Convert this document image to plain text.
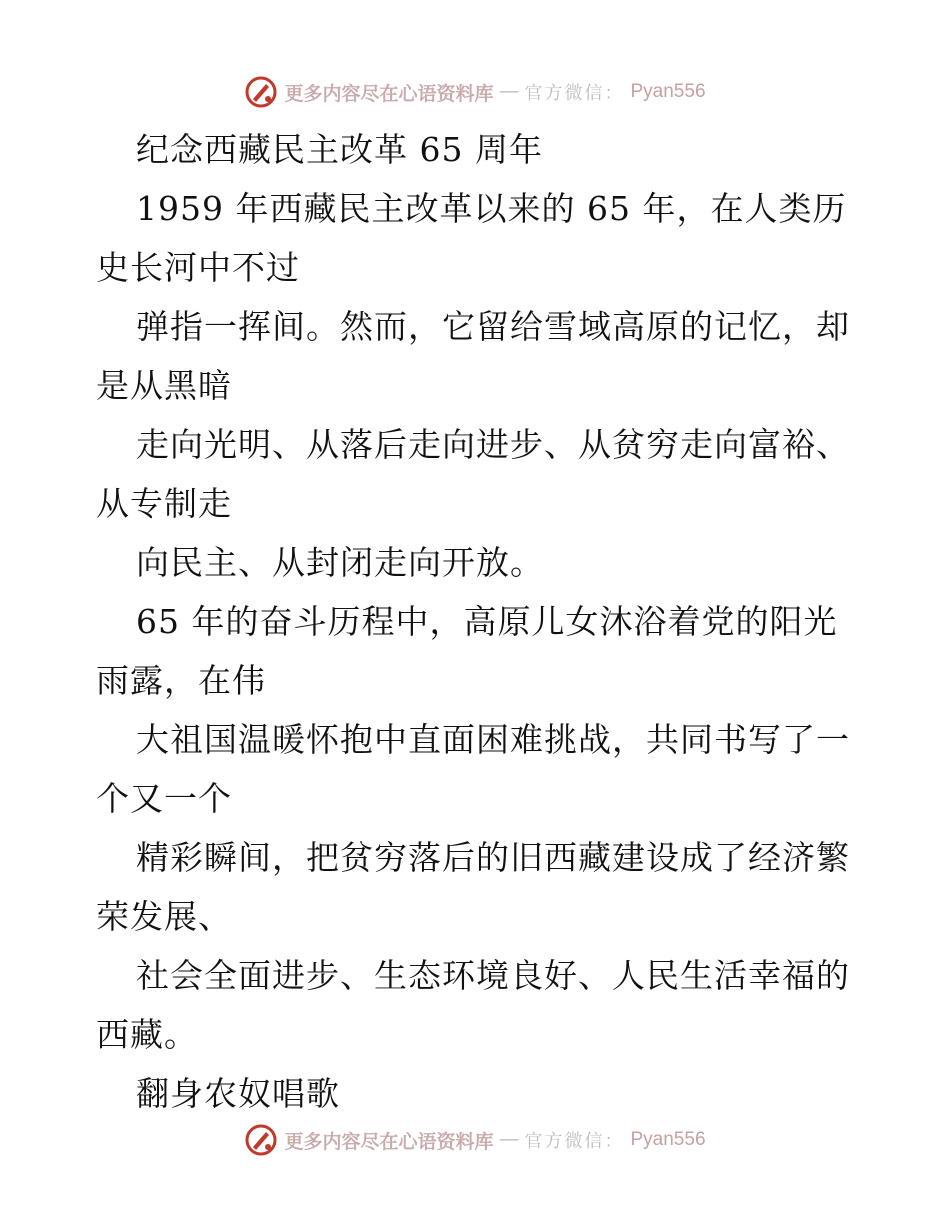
更多内容尽在心语资料库 — 官方微信： Pyan556
纪念西藏民主改革 65 周年
1959 年西藏民主改革以来的 65 年，在人类历
史长河中不过
弹指一挥间。然而，它留给雪域高原的记忆，却
是从黑暗
走向光明、从落后走向进步、从贫穷走向富裕、
从专制走
向民主、从封闭走向开放。
65 年的奋斗历程中，高原儿女沐浴着党的阳光
雨露，在伟
大祖国温暖怀抱中直面困难挑战，共同书写了一
个又一个
精彩瞬间，把贫穷落后的旧西藏建设成了经济繁
荣发展、
社会全面进步、生态环境良好、人民生活幸福的
西藏。
翻身农奴唱歌
更多内容尽在心语资料库 — 官方微信： Pyan556
